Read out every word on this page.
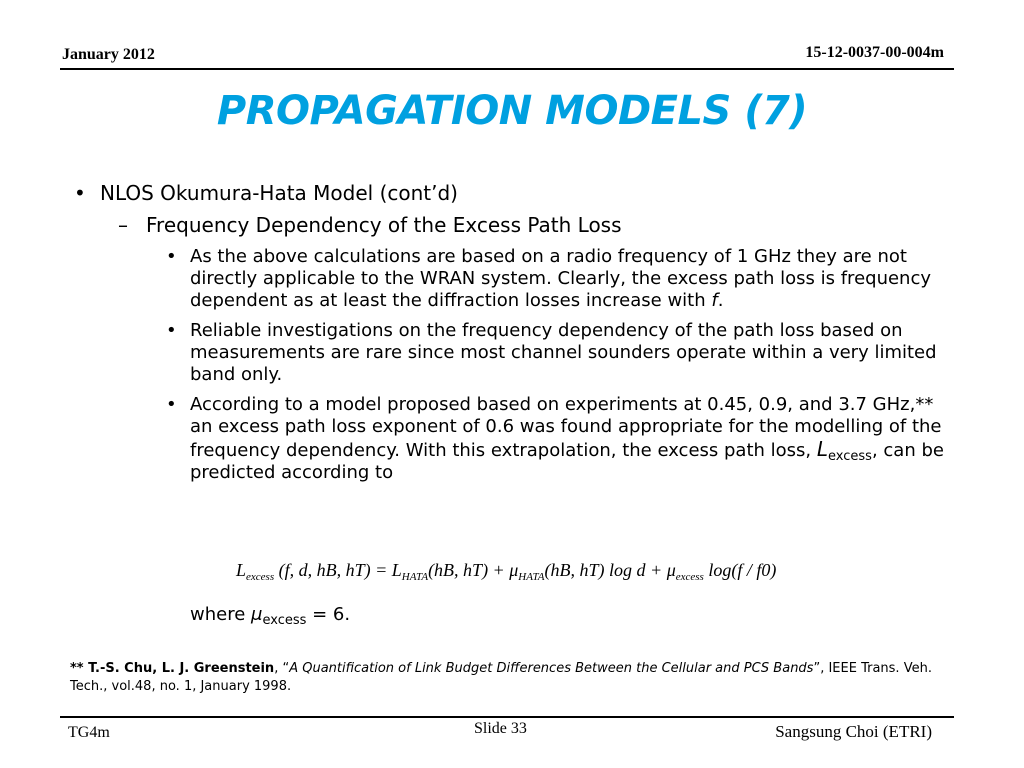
January 2012	15-12-0037-00-004m
PROPAGATION MODELS (7)
• NLOS Okumura-Hata Model (cont’d)
– Frequency Dependency of the Excess Path Loss
• As the above calculations are based on a radio frequency of 1 GHz they are not directly applicable to the WRAN system. Clearly, the excess path loss is frequency dependent as at least the diffraction losses increase with f.
• Reliable investigations on the frequency dependency of the path loss based on measurements are rare since most channel sounders operate within a very limited band only.
• According to a model proposed based on experiments at 0.45, 0.9, and 3.7 GHz,** an excess path loss exponent of 0.6 was found appropriate for the modelling of the frequency dependency. With this extrapolation, the excess path loss, $L_{excess}$, can be predicted according to
$L_{excess}$ (f, d, hB, $hT) = L_{HATA}(hB$, $hT) + \mu_{HATA}(hB$, hT) $\log d + \mu_{excess}$ log(f / f0)
where $\mu_{excess} = 6$.
** T.-S. Chu, L. J. Greenstein, “A Quantification of Link Budget Differences Between the Cellular and PCS Bands”, IEEE Trans. Veh. Tech., vol.48, no. 1, January 1998.
TG4m	Slide 33	Sangsung Choi (ETRI)
